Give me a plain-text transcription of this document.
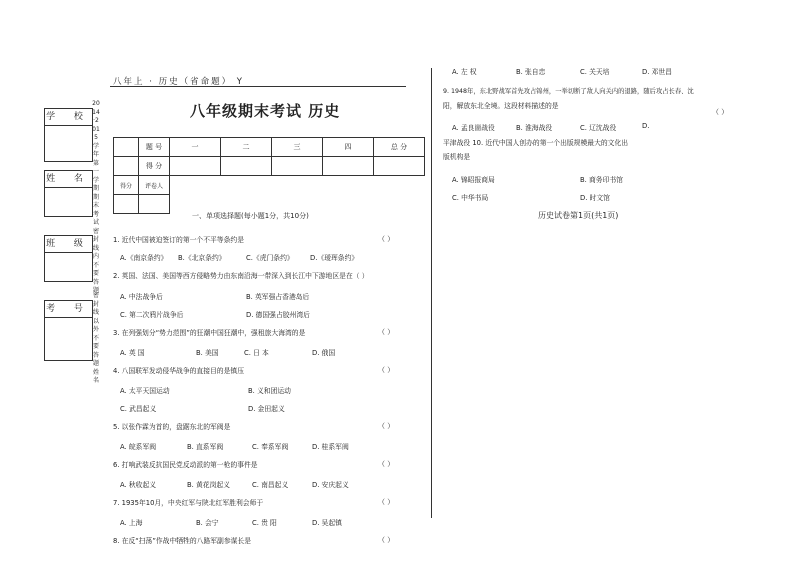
八年上 · 历史（省命题） Y
八年级期末考试 历史
学 校
姓 名
班 级
考 号
2014·2015学年第一学期期末考试密封线内不要答题
密封线以外不要答题姓名
	题 号	一	二	三	四	总 分
	得 分					
得分	评卷人					

一、单项选择题(每小题1分，共10分)
1. 近代中国被迫签订的第一个不平等条约是	（ ）
A.《南京条约》 B.《北京条约》	C.《虎门条约》 D.《瑷珲条约》
2. 英国、法国、美国等西方侵略势力由东南沿海一带深入到长江中下游地区是在（ ）
A. 中法战争后	B. 英军强占香港岛后
C. 第二次鸦片战争后	D. 德国强占胶州湾后
3. 在列强划分“势力范围”的狂潮中国狂潮中，强租旅大海湾的是	（ ）
A. 英 国	B. 美国	C. 日 本	D. 俄国
4. 八国联军发动侵华战争的直接目的是镇压	（ ）
A. 太平天国运动	B. 义和团运动
C. 武昌起义	D. 金田起义
5. 以张作霖为首的，盘踞东北的军阀是	（ ）
A. 皖系军阀	B. 直系军阀	C. 奉系军阀	D. 桂系军阀
6. 打响武装反抗国民党反动派的第一枪的事件是	（ ）
A. 秋收起义	B. 黄花岗起义	C. 南昌起义	D. 安庆起义
7. 1935年10月，中央红军与陕北红军胜利会师于	（ ）
A. 上海	B. 会宁	C. 贵 阳	D. 吴起镇
8. 在反“扫荡”作战中牺牲的八路军副参谋长是	（ ）
A. 左 权	B. 张自忠	C. 关天培	D. 邓世昌
9. 1948年，东北野战军首先攻占锦州，一举切断了敌人向关内的退路，随后攻占长春、沈
阳，解放东北全境。这段材料描述的是
（ ）
A. 孟良崮战役	B. 淮海战役	C. 辽沈战役	D.
平津战役 10. 近代中国人创办的第一个出版规模最大的文化出
版机构是
A. 锦昭报商局	B. 商务印书馆
C. 中华书局	D. 时文馆
历史试卷第1页(共1页)
